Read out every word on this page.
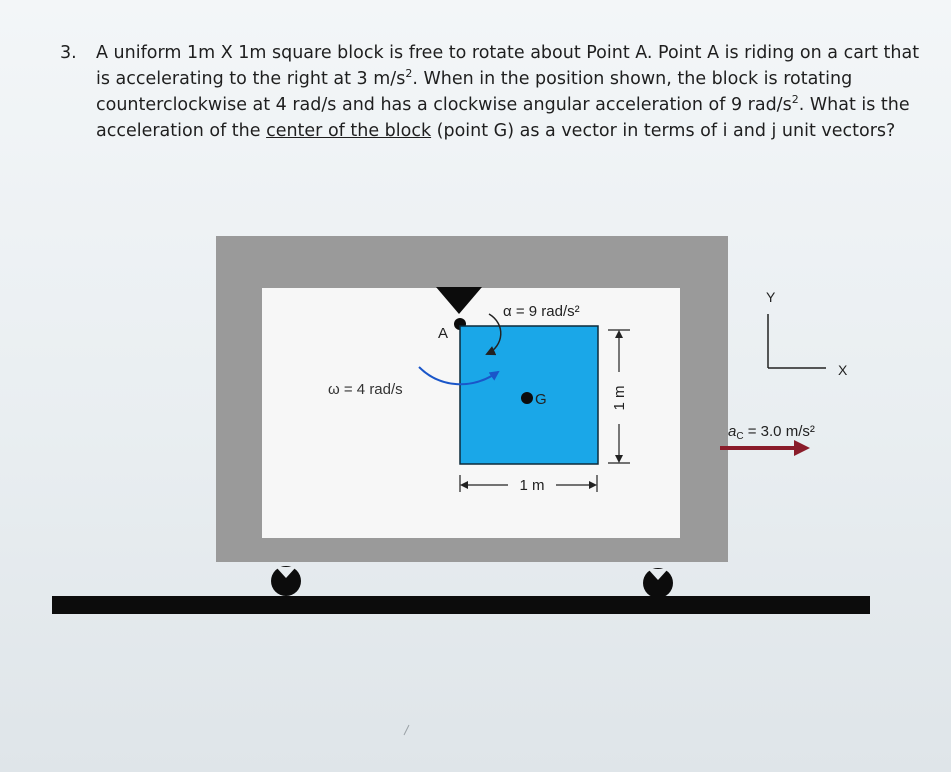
3. A uniform 1m X 1m square block is free to rotate about Point A. Point A is riding on a cart that is accelerating to the right at 3 $m/s^2$. When in the position shown, the block is rotating counterclockwise at 4 rad/s and has a clockwise angular acceleration of 9 rad/$s^2$. What is the acceleration of the center of the block (point G) as a vector in terms of i and j unit vectors?
A
G
α = 9 rad/s²
ω = 4 rad/s	1 m
1 m
Y
X
$a_C = 3.0$ m/s²
